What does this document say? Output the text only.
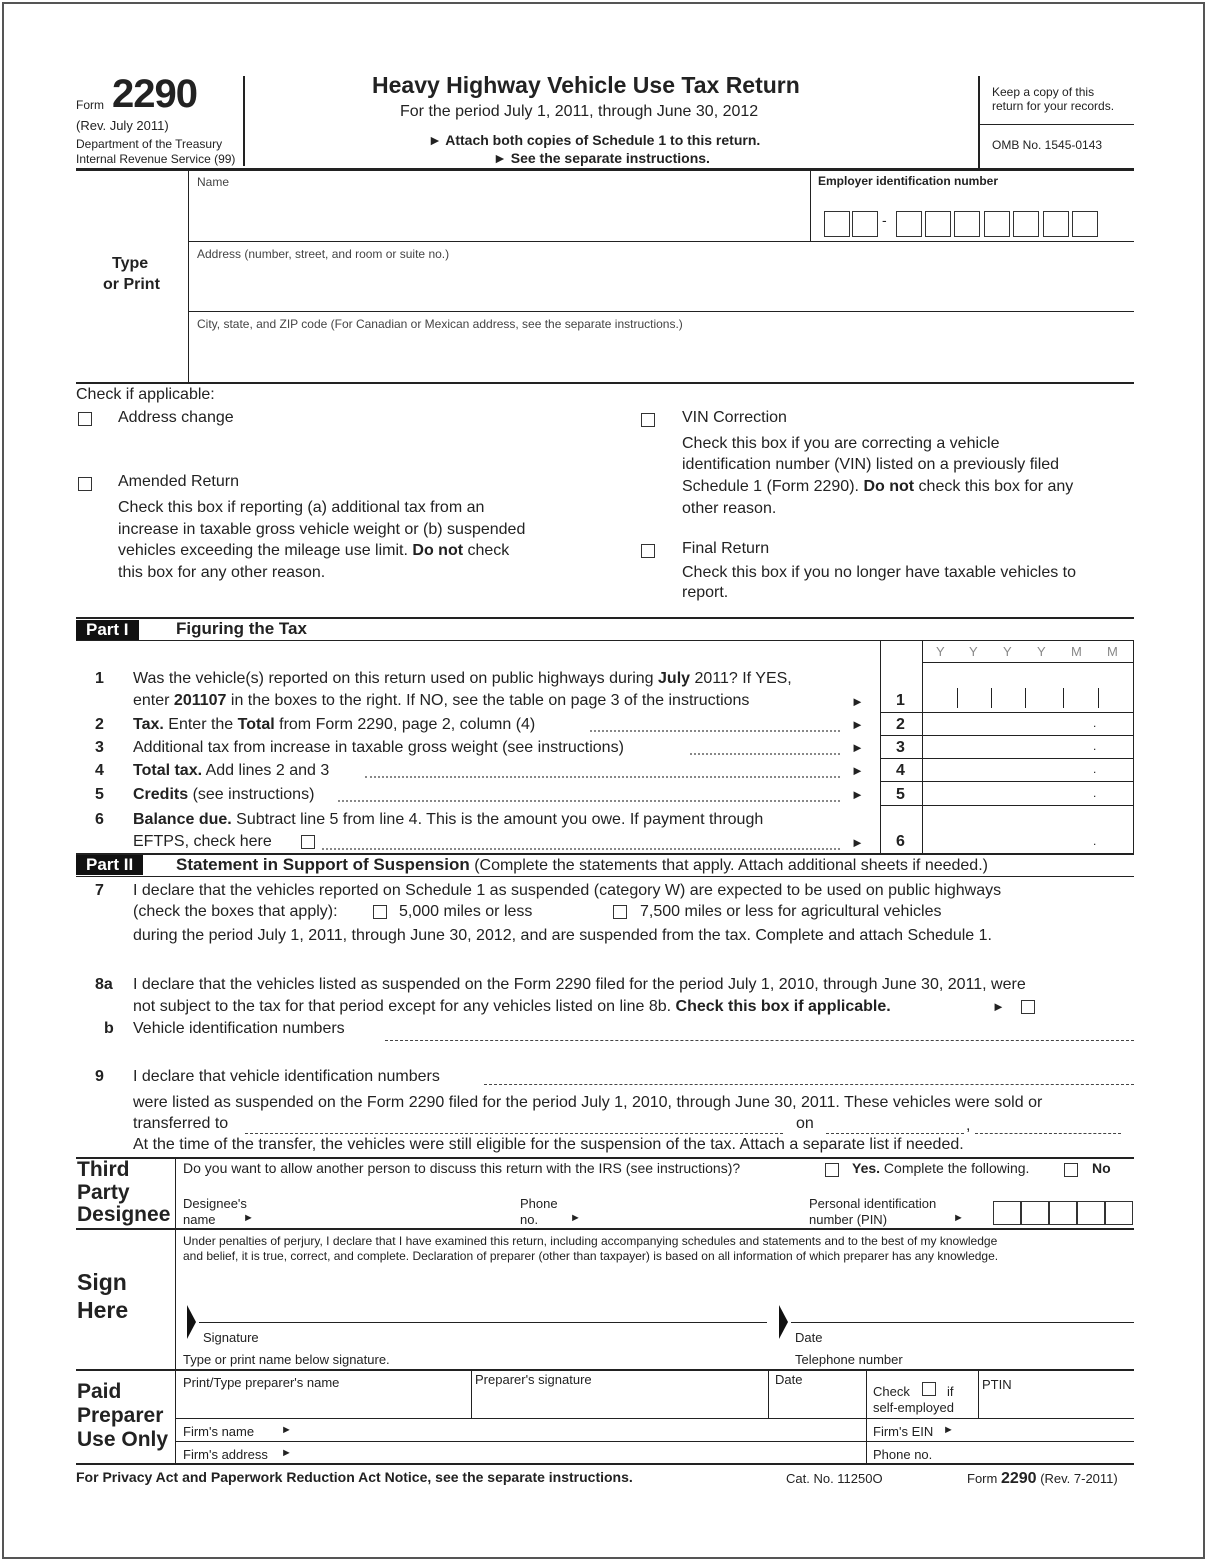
Form 2290
(Rev. July 2011)
Department of the Treasury
Internal Revenue Service (99)
Heavy Highway Vehicle Use Tax Return
For the period July 1, 2011, through June 30, 2012
► Attach both copies of Schedule 1 to this return.
► See the separate instructions.
Keep a copy of this
return for your records.
OMB No. 1545-0143
Name	Employer identification number
-
Type
or Print
Address (number, street, and room or suite no.)
City, state, and ZIP code (For Canadian or Mexican address, see the separate instructions.)
Check if applicable:
Address change
Amended Return
Check this box if reporting (a) additional tax from an
increase in taxable gross vehicle weight or (b) suspended
vehicles exceeding the mileage use limit. Do not check
this box for any other reason.
VIN Correction
Check this box if you are correcting a vehicle
identification number (VIN) listed on a previously filed
Schedule 1 (Form 2290). Do not check this box for any
other reason.
Final Return
Check this box if you no longer have taxable vehicles to
report.
Part I	Figuring the Tax
Y Y Y Y M M
1 Was the vehicle(s) reported on this return used on public highways during July 2011? If YES,
enter 201107 in the boxes to the right. If NO, see the table on page 3 of the instructions	► 1
2 Tax. Enter the Total from Form 2290, page 2, column (4)	► 2
3 Additional tax from increase in taxable gross weight (see instructions)	► 3
4 Total tax. Add lines 2 and 3	► 4
5 Credits (see instructions)	► 5
6 Balance due. Subtract line 5 from line 4. This is the amount you owe. If payment through
EFTPS, check here	► 6
Part II	Statement in Support of Suspension (Complete the statements that apply. Attach additional sheets if needed.)
7 I declare that the vehicles reported on Schedule 1 as suspended (category W) are expected to be used on public highways
(check the boxes that apply):	5,000 miles or less	7,500 miles or less for agricultural vehicles
during the period July 1, 2011, through June 30, 2012, and are suspended from the tax. Complete and attach Schedule 1.
8a I declare that the vehicles listed as suspended on the Form 2290 filed for the period July 1, 2010, through June 30, 2011, were
not subject to the tax for that period except for any vehicles listed on line 8b. Check this box if applicable.	►
b Vehicle identification numbers
9 I declare that vehicle identification numbers
were listed as suspended on the Form 2290 filed for the period July 1, 2010, through June 30, 2011. These vehicles were sold or
transferred to	on	,
At the time of the transfer, the vehicles were still eligible for the suspension of the tax. Attach a separate list if needed.
Third
Party
Designee
Do you want to allow another person to discuss this return with the IRS (see instructions)?	Yes. Complete the following.	No
Designee's
name ►
Phone
no.	►
Personal identification
number (PIN)	►
Sign
Here
Under penalties of perjury, I declare that I have examined this return, including accompanying schedules and statements and to the best of my knowledge
and belief, it is true, correct, and complete. Declaration of preparer (other than taxpayer) is based on all information of which preparer has any knowledge.
Signature	Date
Type or print name below signature.	Telephone number
Paid
Preparer
Use Only
Print/Type preparer's name	Preparer's signature	Date
Check	if
self-employed
PTIN
Firm's name ►	Firm's EIN ►
Firm's address ►	Phone no.
For Privacy Act and Paperwork Reduction Act Notice, see the separate instructions.	Cat. No. 11250O	Form 2290 (Rev. 7-2011)
.
.
.
.
.
